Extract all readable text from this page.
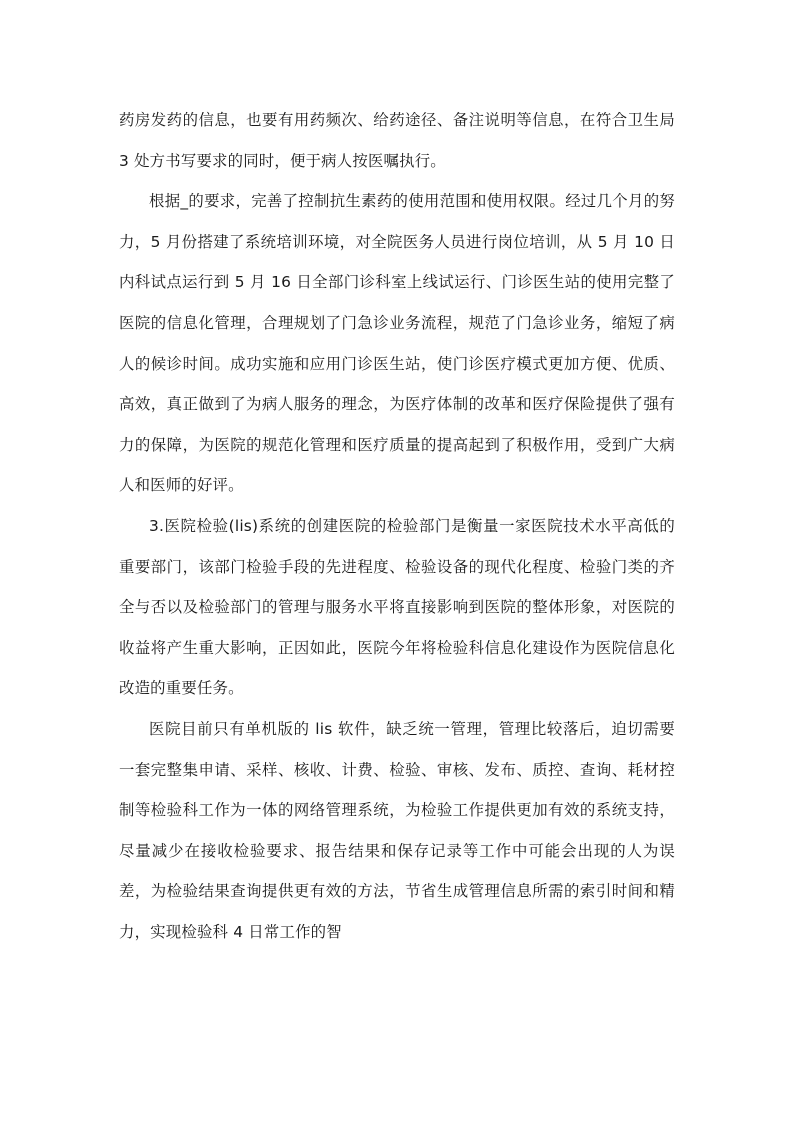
药房发药的信息，也要有用药频次、给药途径、备注说明等信息，在符合卫生局 3 处方书写要求的同时，便于病人按医嘱执行。

根据_的要求，完善了控制抗生素药的使用范围和使用权限。经过几个月的努力，5 月份搭建了系统培训环境，对全院医务人员进行岗位培训，从 5 月 10 日内科试点运行到 5 月 16 日全部门诊科室上线试运行、门诊医生站的使用完整了医院的信息化管理，合理规划了门急诊业务流程，规范了门急诊业务，缩短了病人的候诊时间。成功实施和应用门诊医生站，使门诊医疗模式更加方便、优质、高效，真正做到了为病人服务的理念，为医疗体制的改革和医疗保险提供了强有力的保障，为医院的规范化管理和医疗质量的提高起到了积极作用，受到广大病人和医师的好评。

3.医院检验(lis)系统的创建医院的检验部门是衡量一家医院技术水平高低的重要部门，该部门检验手段的先进程度、检验设备的现代化程度、检验门类的齐全与否以及检验部门的管理与服务水平将直接影响到医院的整体形象，对医院的收益将产生重大影响，正因如此，医院今年将检验科信息化建设作为医院信息化改造的重要任务。

医院目前只有单机版的 lis 软件，缺乏统一管理，管理比较落后，迫切需要一套完整集申请、采样、核收、计费、检验、审核、发布、质控、查询、耗材控制等检验科工作为一体的网络管理系统，为检验工作提供更加有效的系统支持，尽量减少在接收检验要求、报告结果和保存记录等工作中可能会出现的人为误差，为检验结果查询提供更有效的方法，节省生成管理信息所需的索引时间和精力，实现检验科 4 日常工作的智
